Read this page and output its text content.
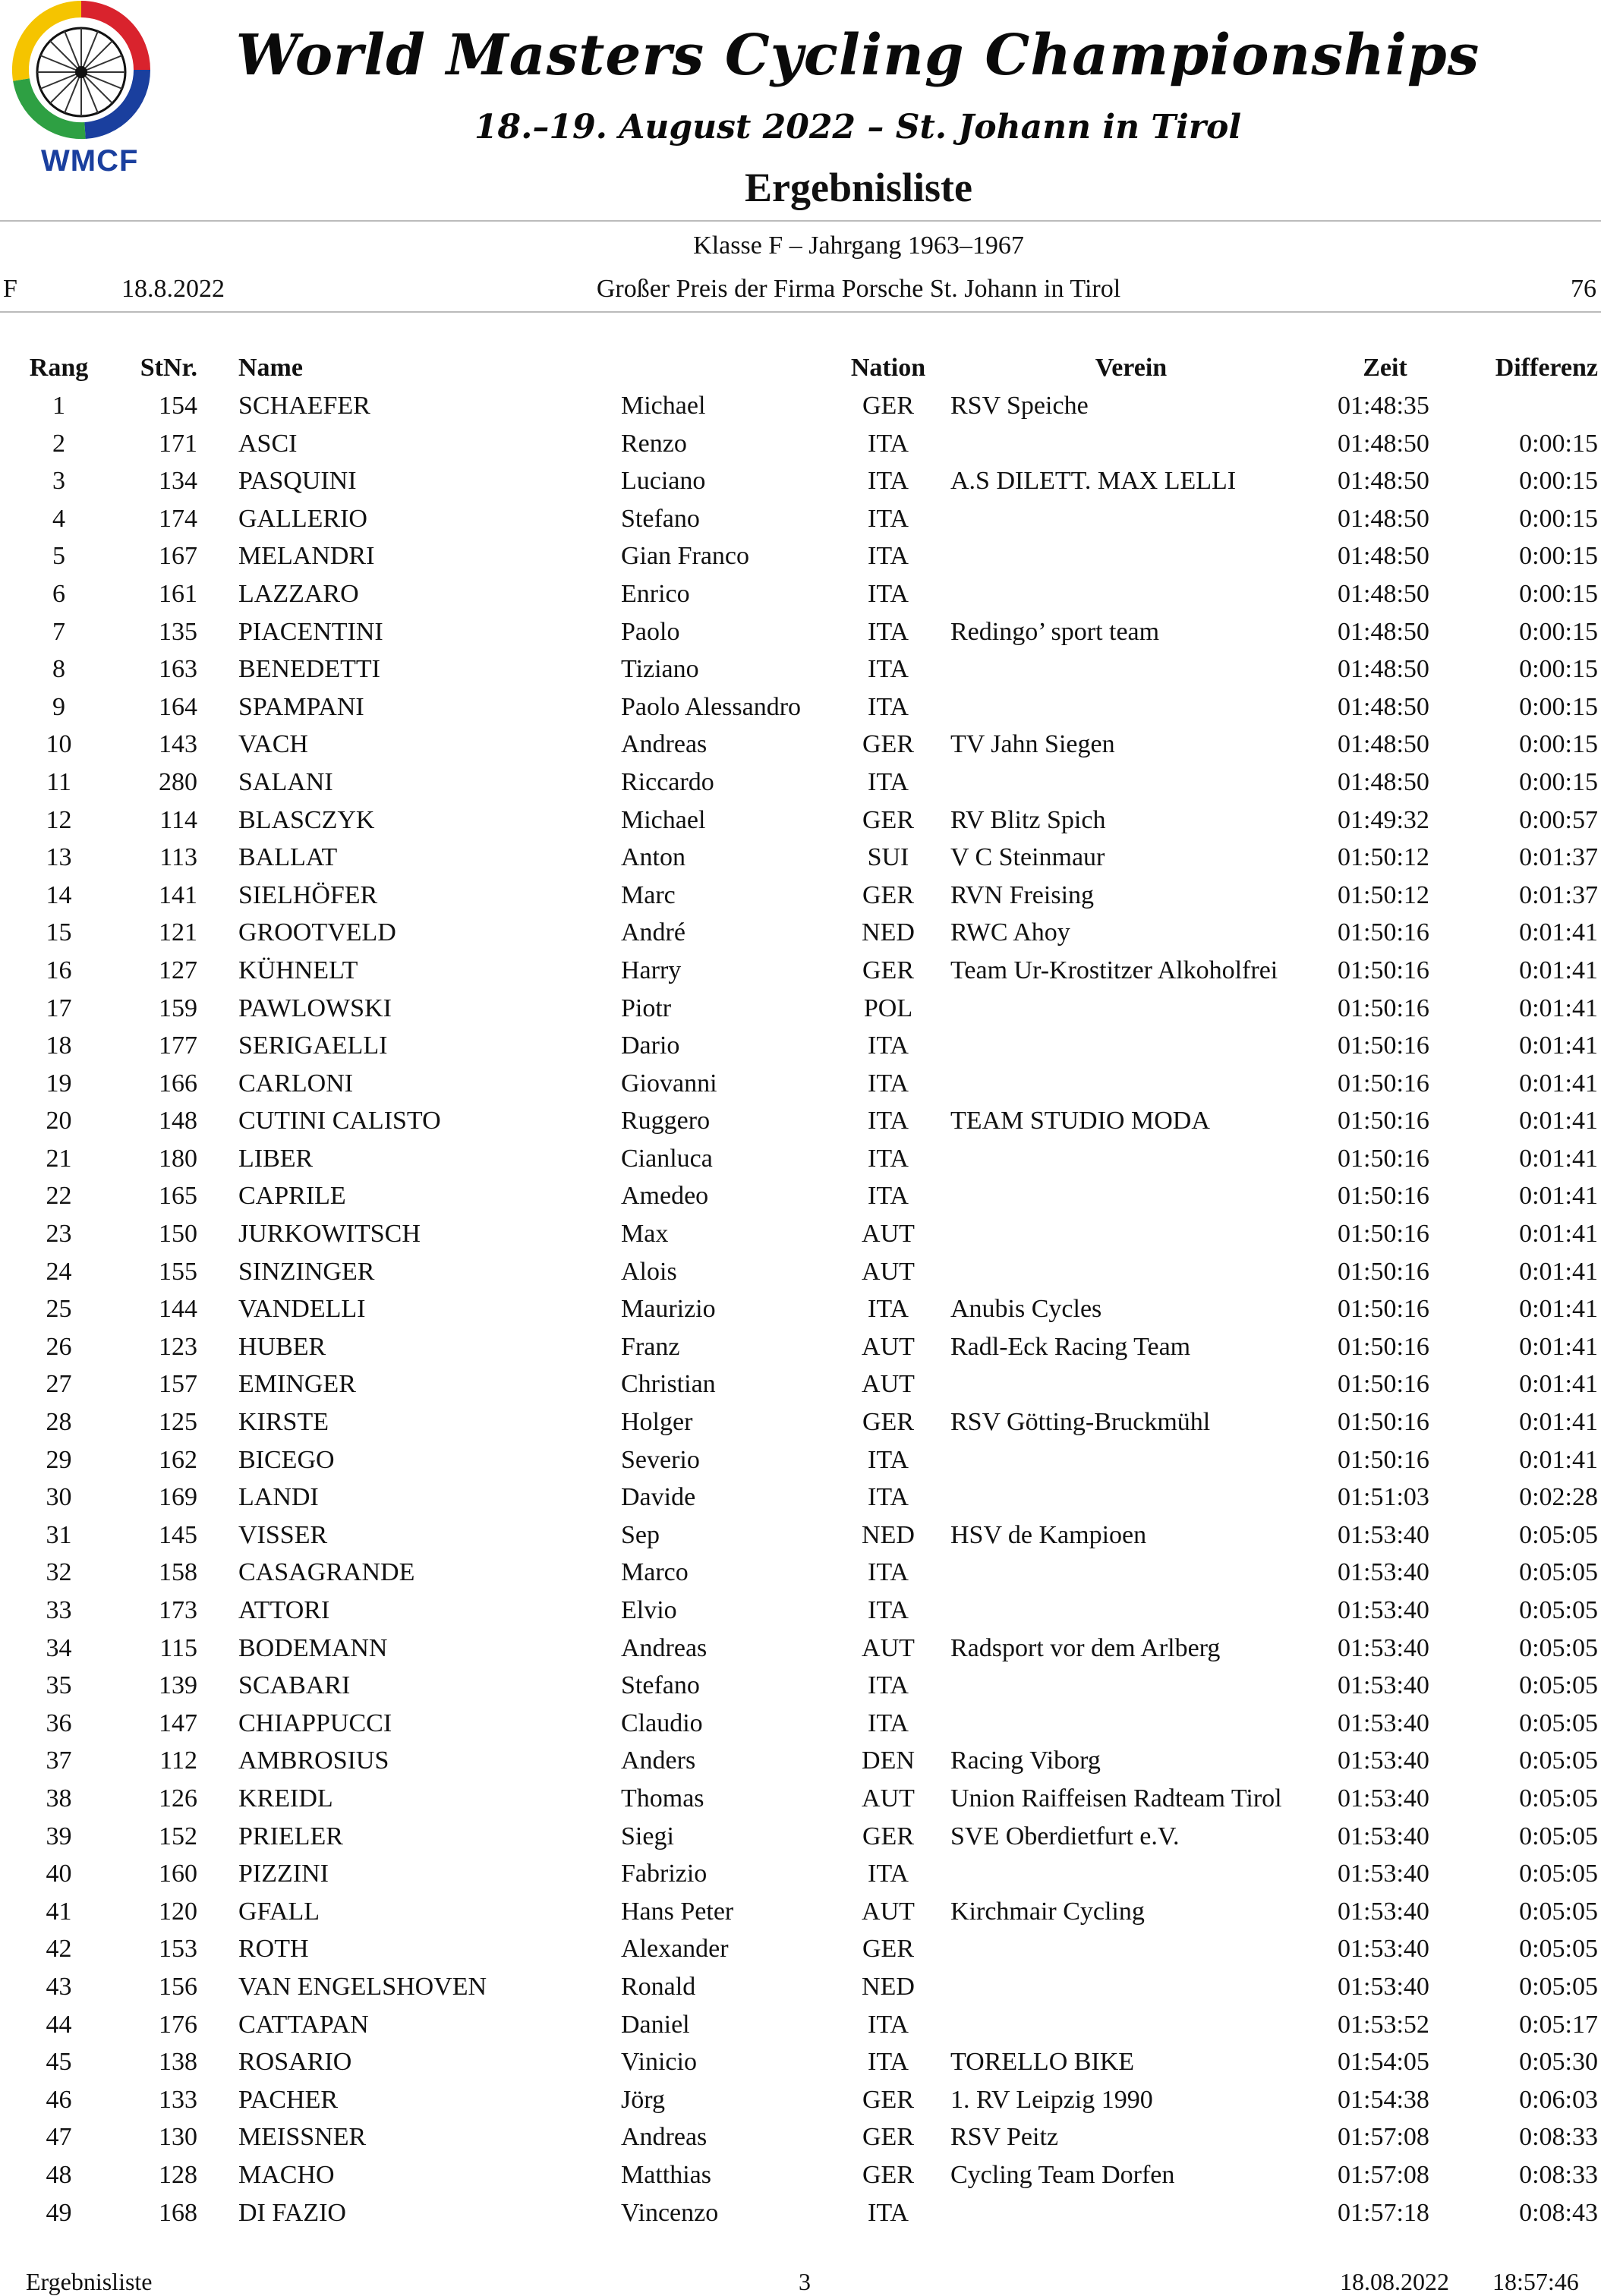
WMCF
World Masters Cycling Championships
18.–19. August 2022 – St. Johann in Tirol
Ergebnisliste
Klasse F – Jahrgang 1963–1967
F	18.8.2022	Großer Preis der Firma Porsche St. Johann in Tirol	76
Rang	StNr. Name	Nation	Verein	Zeit	Differenz
1	154 SCHAEFER	Michael	GER	RSV Speiche	01:48:35
2	171 ASCI	Renzo	ITA	01:48:50	0:00:15
3	134 PASQUINI	Luciano	ITA	A.S DILETT. MAX LELLI	01:48:50	0:00:15
4	174 GALLERIO	Stefano	ITA	01:48:50	0:00:15
5	167 MELANDRI	Gian Franco	ITA	01:48:50	0:00:15
6	161 LAZZARO	Enrico	ITA	01:48:50	0:00:15
7	135 PIACENTINI	Paolo	ITA	Redingo’ sport team	01:48:50	0:00:15
8	163 BENEDETTI	Tiziano	ITA	01:48:50	0:00:15
9	164 SPAMPANI	Paolo Alessandro	ITA	01:48:50	0:00:15
10	143 VACH	Andreas	GER	TV Jahn Siegen	01:48:50	0:00:15
11	280 SALANI	Riccardo	ITA	01:48:50	0:00:15
12	114 BLASCZYK	Michael	GER	RV Blitz Spich	01:49:32	0:00:57
13	113 BALLAT	Anton	SUI	V C Steinmaur	01:50:12	0:01:37
14	141 SIELHÖFER	Marc	GER	RVN Freising	01:50:12	0:01:37
15	121 GROOTVELD	André	NED	RWC Ahoy	01:50:16	0:01:41
16	127 KÜHNELT	Harry	GER	Team Ur-Krostitzer Alkoholfrei 01:50:16	0:01:41
17	159 PAWLOWSKI	Piotr	POL	01:50:16	0:01:41
18	177 SERIGAELLI	Dario	ITA	01:50:16	0:01:41
19	166 CARLONI	Giovanni	ITA	01:50:16	0:01:41
20	148 CUTINI CALISTO	Ruggero	ITA	TEAM STUDIO MODA	01:50:16	0:01:41
21	180 LIBER	Cianluca	ITA	01:50:16	0:01:41
22	165 CAPRILE	Amedeo	ITA	01:50:16	0:01:41
23	150 JURKOWITSCH	Max	AUT	01:50:16	0:01:41
24	155 SINZINGER	Alois	AUT	01:50:16	0:01:41
25	144 VANDELLI	Maurizio	ITA	Anubis Cycles	01:50:16	0:01:41
26	123 HUBER	Franz	AUT	Radl-Eck Racing Team	01:50:16	0:01:41
27	157 EMINGER	Christian	AUT	01:50:16	0:01:41
28	125 KIRSTE	Holger	GER	RSV Götting-Bruckmühl	01:50:16	0:01:41
29	162 BICEGO	Severio	ITA	01:50:16	0:01:41
30	169 LANDI	Davide	ITA	01:51:03	0:02:28
31	145 VISSER	Sep	NED	HSV de Kampioen	01:53:40	0:05:05
32	158 CASAGRANDE	Marco	ITA	01:53:40	0:05:05
33	173 ATTORI	Elvio	ITA	01:53:40	0:05:05
34	115 BODEMANN	Andreas	AUT	Radsport vor dem Arlberg	01:53:40	0:05:05
35	139 SCABARI	Stefano	ITA	01:53:40	0:05:05
36	147 CHIAPPUCCI	Claudio	ITA	01:53:40	0:05:05
37	112 AMBROSIUS	Anders	DEN	Racing Viborg	01:53:40	0:05:05
38	126 KREIDL	Thomas	AUT	Union Raiffeisen Radteam Tirol 01:53:40	0:05:05
39	152 PRIELER	Siegi	GER	SVE Oberdietfurt e.V.	01:53:40	0:05:05
40	160 PIZZINI	Fabrizio	ITA	01:53:40	0:05:05
41	120 GFALL	Hans Peter	AUT	Kirchmair Cycling	01:53:40	0:05:05
42	153 ROTH	Alexander	GER	01:53:40	0:05:05
43	156 VAN ENGELSHOVEN	Ronald	NED	01:53:40	0:05:05
44	176 CATTAPAN	Daniel	ITA	01:53:52	0:05:17
45	138 ROSARIO	Vinicio	ITA	TORELLO BIKE	01:54:05	0:05:30
46	133 PACHER	Jörg	GER	1. RV Leipzig 1990	01:54:38	0:06:03
47	130 MEISSNER	Andreas	GER	RSV Peitz	01:57:08	0:08:33
48	128 MACHO	Matthias	GER	Cycling Team Dorfen	01:57:08	0:08:33
49	168 DI FAZIO	Vincenzo	ITA	01:57:18	0:08:43
Ergebnisliste	3	18.08.2022 18:57:46
